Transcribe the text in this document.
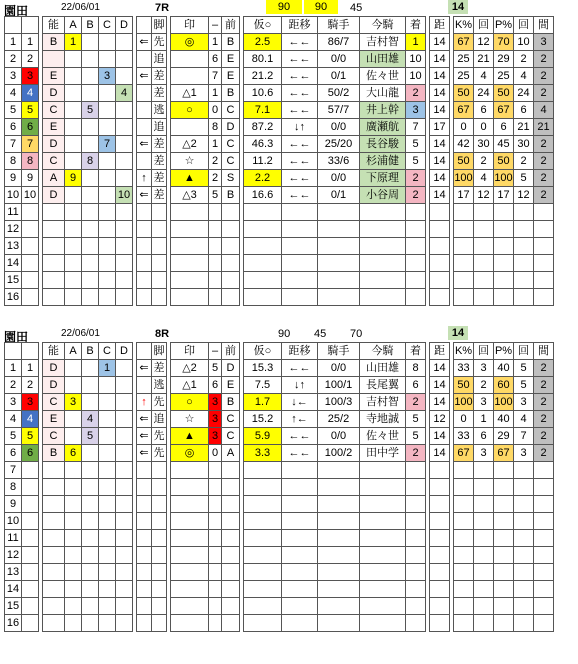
園田	22/06/01	7R	90	90	45	14
			能	A	B	C	D			脚		印	–	前		仮○	距移	騎手	今騎	着		距		K%	回	P%	回	間
1	1		B	1					⇐	先		◎	1	B		2.5	←←	86/7	吉村智	1		14		67	12	70	10	3
2	2									追			6	E		80.1	←←	0/0	山田雄	10		14		25	21	29	2	2
3	3		E			3			⇐	差			7	E		21.2	←←	0/1	佐々世	10		14		25	4	25	4	2
4	4		D				4			差		△1	1	B		10.6	←←	50/2	大山龍	2		14		50	24	50	24	2
5	5		C		5					逃		○	0	C		7.1	←←	57/7	井上幹	3		14		67	6	67	6	4
6	6		E							追			8	D		87.2	↓↑	0/0	廣瀬航	7		17		0	0	6	21	21
7	7		D			7			⇐	差		△2	1	C		46.3	←←	25/20	長谷駿	5		14		42	30	45	30	2
8	8		C		8					差		☆	2	C		11.2	←←	33/6	杉浦健	5		14		50	2	50	2	2
9	9		A	9					↑	差		▲	2	S		2.2	←←	0/0	下原理	2		14		100	4	100	5	2
10	10		D				10		⇐	差		△3	5	B		16.6	←←	0/1	小谷周	2		14		17	12	17	12	2
11																												
12																												
13																												
14																												
15																												
16																												
園田	22/06/01	8R	90 45 70	14
			能	A	B	C	D			脚		印	–	前		仮○	距移	騎手	今騎	着		距		K%	回	P%	回	間
1	1		D			1			⇐	差		△2	5	D		15.3	←←	0/0	山田雄	8		14		33	3	40	5	2
2	2		D							逃		△1	6	E		7.5	↓↑	100/1	長尾翼	6		14		50	2	60	5	2
3	3		C	3					↑	先		○	3	B		1.7	↓←	100/3	吉村智	2		14		100	3	100	3	2
4	4		E		4				⇐	追		☆	3	C		15.2	↑←	25/2	寺地誠	5		12		0	1	40	4	2
5	5		C		5				⇐	先		▲	3	C		5.9	←←	0/0	佐々世	5		14		33	6	29	7	2
6	6		B	6					⇐	先		◎	0	A		3.3	←←	100/2	田中学	2		14		67	3	67	3	2
7																												
8																												
9																												
10																												
11																												
12																												
13																												
14																												
15																												
16																												
